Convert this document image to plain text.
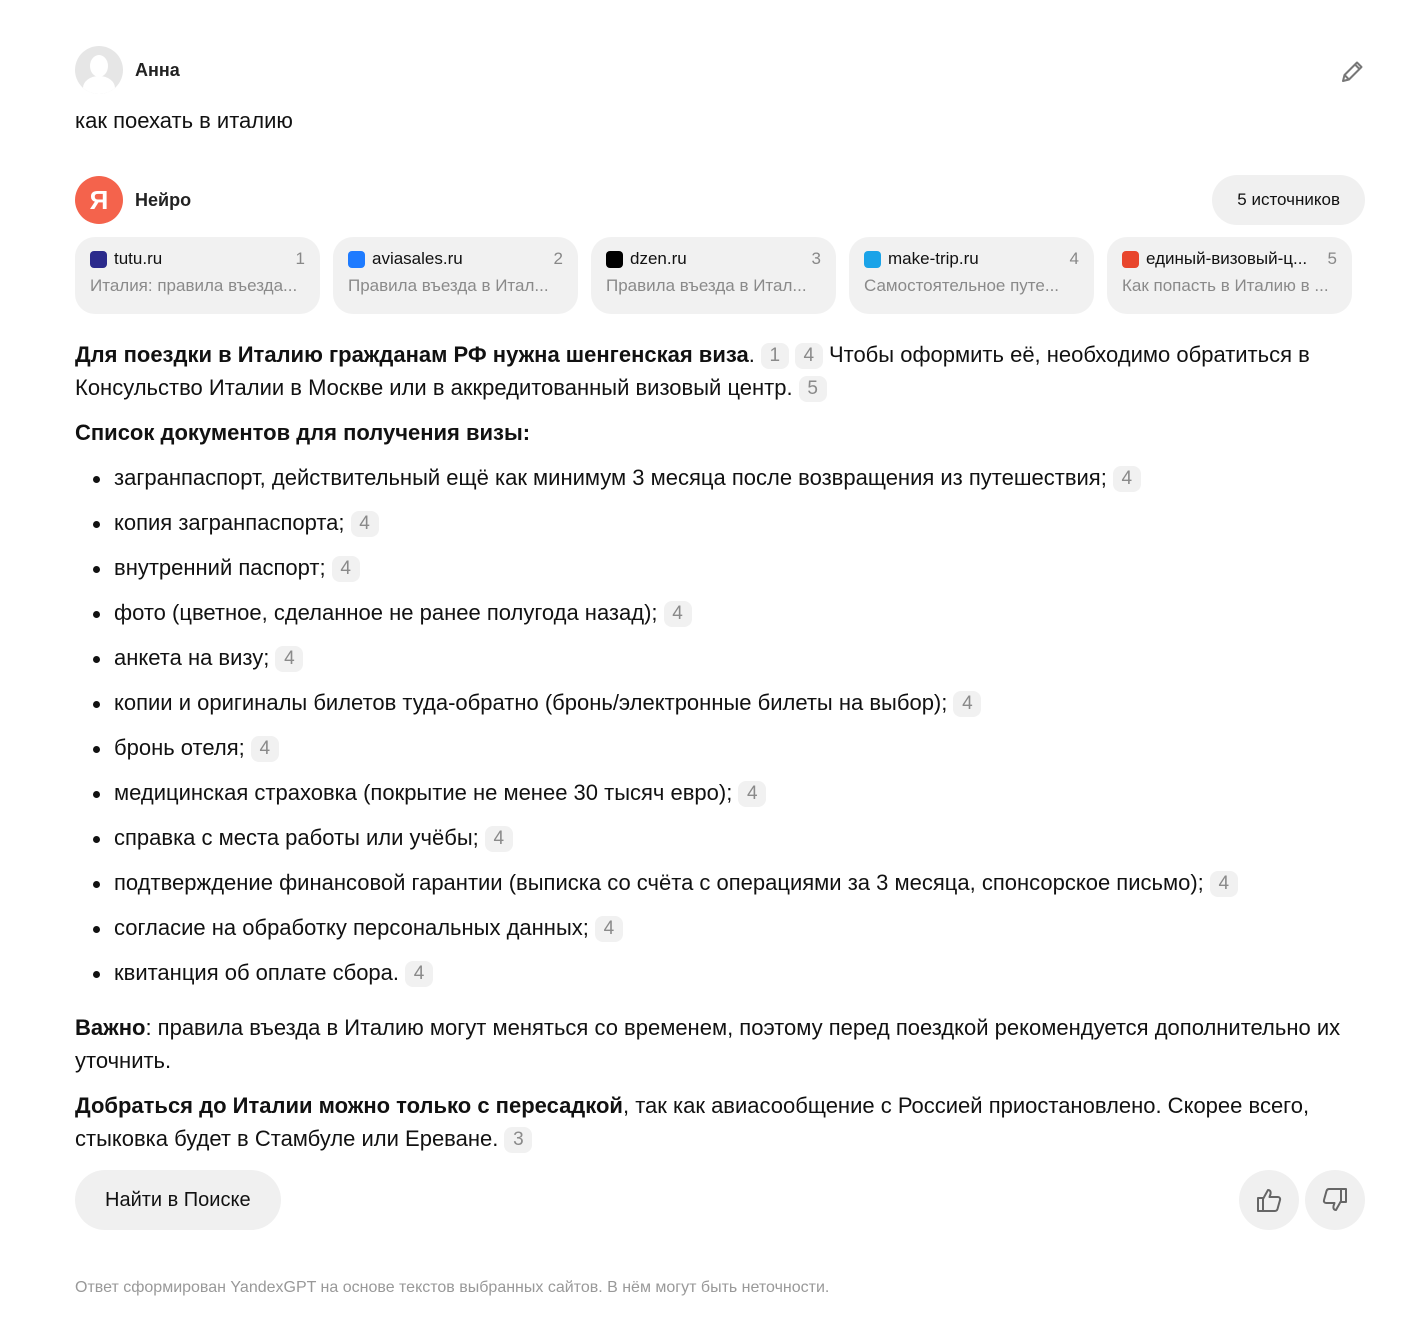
Анна
как поехать в италию
Я	Нейро	5 источников
tutu.ru	1
Италия: правила въезда...
aviasales.ru	2
Правила въезда в Итал...
dzen.ru	3
Правила въезда в Итал...
make-trip.ru	4
Самостоятельное путе...
единый-визовый-ц...	5
Как попасть в Италию в ...

Для поездки в Италию гражданам РФ нужна шенгенская виза. 1 4 Чтобы оформить её, необходимо обратиться в Консульство Италии в Москве или в аккредитованный визовый центр. 5

Список документов для получения визы:

загранпаспорт, действительный ещё как минимум 3 месяца после возвращения из путешествия; 4
копия загранпаспорта; 4
внутренний паспорт; 4
фото (цветное, сделанное не ранее полугода назад); 4
анкета на визу; 4
копии и оригиналы билетов туда-обратно (бронь/электронные билеты на выбор); 4
бронь отеля; 4
медицинская страховка (покрытие не менее 30 тысяч евро); 4
справка с места работы или учёбы; 4
подтверждение финансовой гарантии (выписка со счёта с операциями за 3 месяца, спонсорское письмо); 4
согласие на обработку персональных данных; 4
квитанция об оплате сбора. 4

Важно: правила въезда в Италию могут меняться со временем, поэтому перед поездкой рекомендуется дополнительно их уточнить.

Добраться до Италии можно только с пересадкой, так как авиасообщение с Россией приостановлено. Скорее всего, стыковка будет в Стамбуле или Ереване. 3

Найти в Поиске
Ответ сформирован YandexGPT на основе текстов выбранных сайтов. В нём могут быть неточности.
